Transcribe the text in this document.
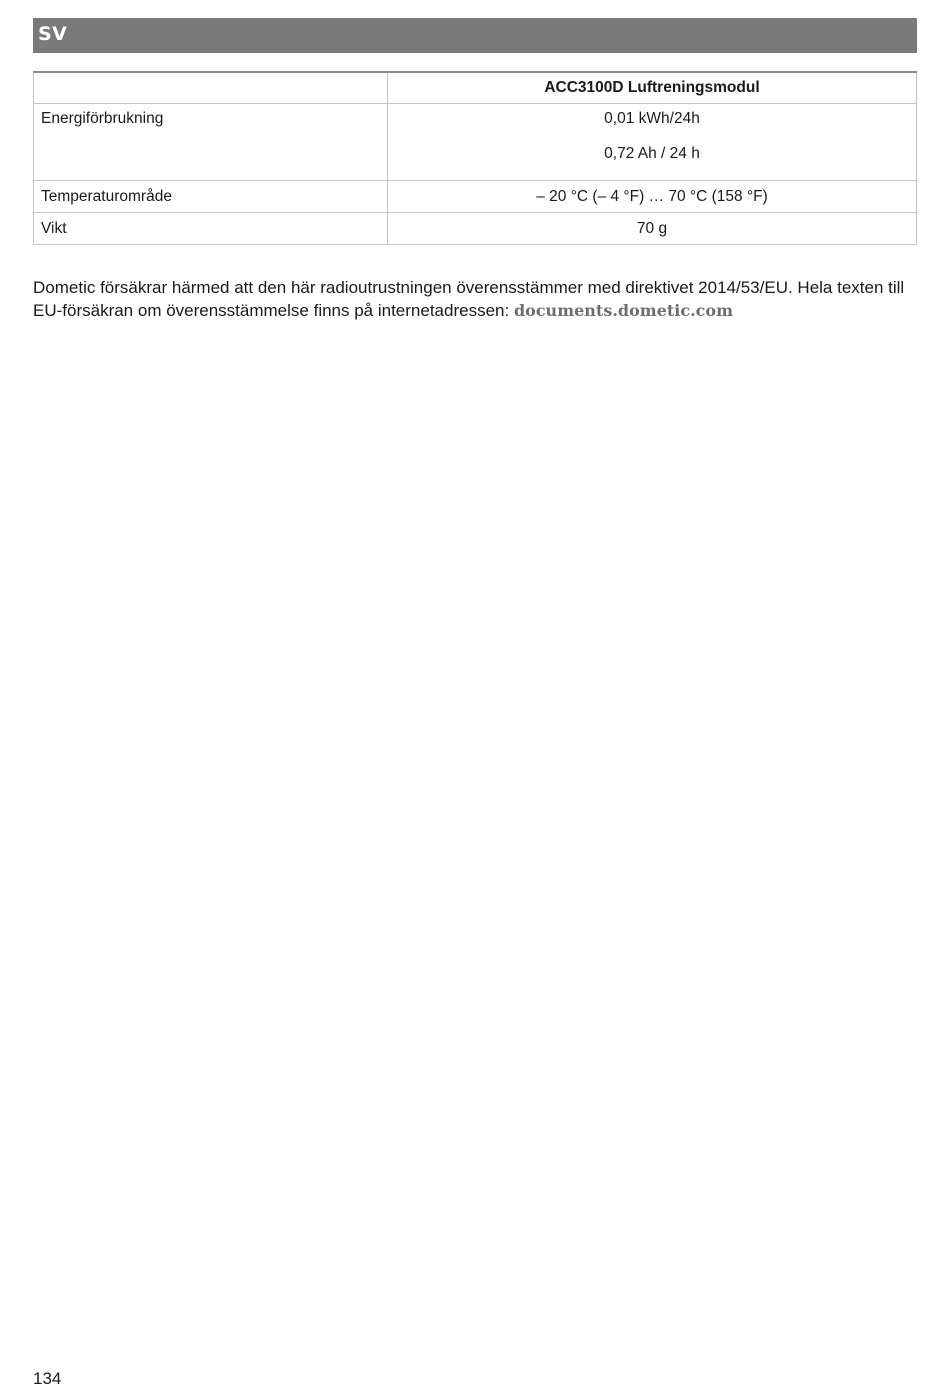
SV
	ACC3100D Luftreningsmodul
Energiförbrukning	0,01 kWh/24h
0,72 Ah / 24 h

Temperaturområde	– 20 °C (– 4 °F) … 70 °C (158 °F)
Vikt	70 g

Dometic försäkrar härmed att den här radioutrustningen överensstämmer med direktivet 2014/53/EU. Hela texten till EU-försäkran om överensstämmelse finns på internetadressen: documents.dometic.com

134
